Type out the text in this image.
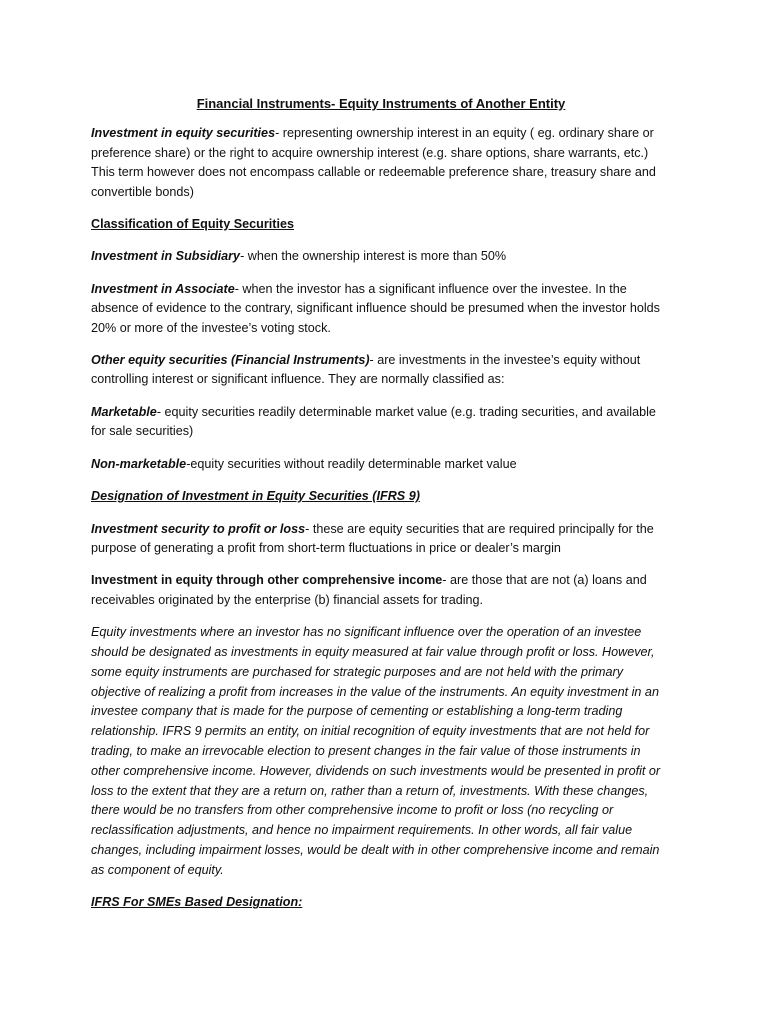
Financial Instruments- Equity Instruments of Another Entity

Investment in equity securities- representing ownership interest in an equity ( eg. ordinary share or preference share) or the right to acquire ownership interest (e.g. share options, share warrants, etc.) This term however does not encompass callable or redeemable preference share, treasury share and convertible bonds)

Classification of Equity Securities

Investment in Subsidiary- when the ownership interest is more than 50%

Investment in Associate- when the investor has a significant influence over the investee. In the absence of evidence to the contrary, significant influence should be presumed when the investor holds 20% or more of the investee’s voting stock.

Other equity securities (Financial Instruments)- are investments in the investee’s equity without controlling interest or significant influence. They are normally classified as:

Marketable- equity securities readily determinable market value (e.g. trading securities, and available for sale securities)

Non-marketable-equity securities without readily determinable market value

Designation of Investment in Equity Securities (IFRS 9)

Investment security to profit or loss- these are equity securities that are required principally for the purpose of generating a profit from short-term fluctuations in price or dealer’s margin

Investment in equity through other comprehensive income- are those that are not (a) loans and receivables originated by the enterprise (b) financial assets for trading.

Equity investments where an investor has no significant influence over the operation of an investee should be designated as investments in equity measured at fair value through profit or loss. However, some equity instruments are purchased for strategic purposes and are not held with the primary objective of realizing a profit from increases in the value of the instruments. An equity investment in an investee company that is made for the purpose of cementing or establishing a long-term trading relationship. IFRS 9 permits an entity, on initial recognition of equity investments that are not held for trading, to make an irrevocable election to present changes in the fair value of those instruments in other comprehensive income. However, dividends on such investments would be presented in profit or loss to the extent that they are a return on, rather than a return of, investments. With these changes, there would be no transfers from other comprehensive income to profit or loss (no recycling or reclassification adjustments, and hence no impairment requirements. In other words, all fair value changes, including impairment losses, would be dealt with in other comprehensive income and remain as component of equity.

IFRS For SMEs Based Designation:
